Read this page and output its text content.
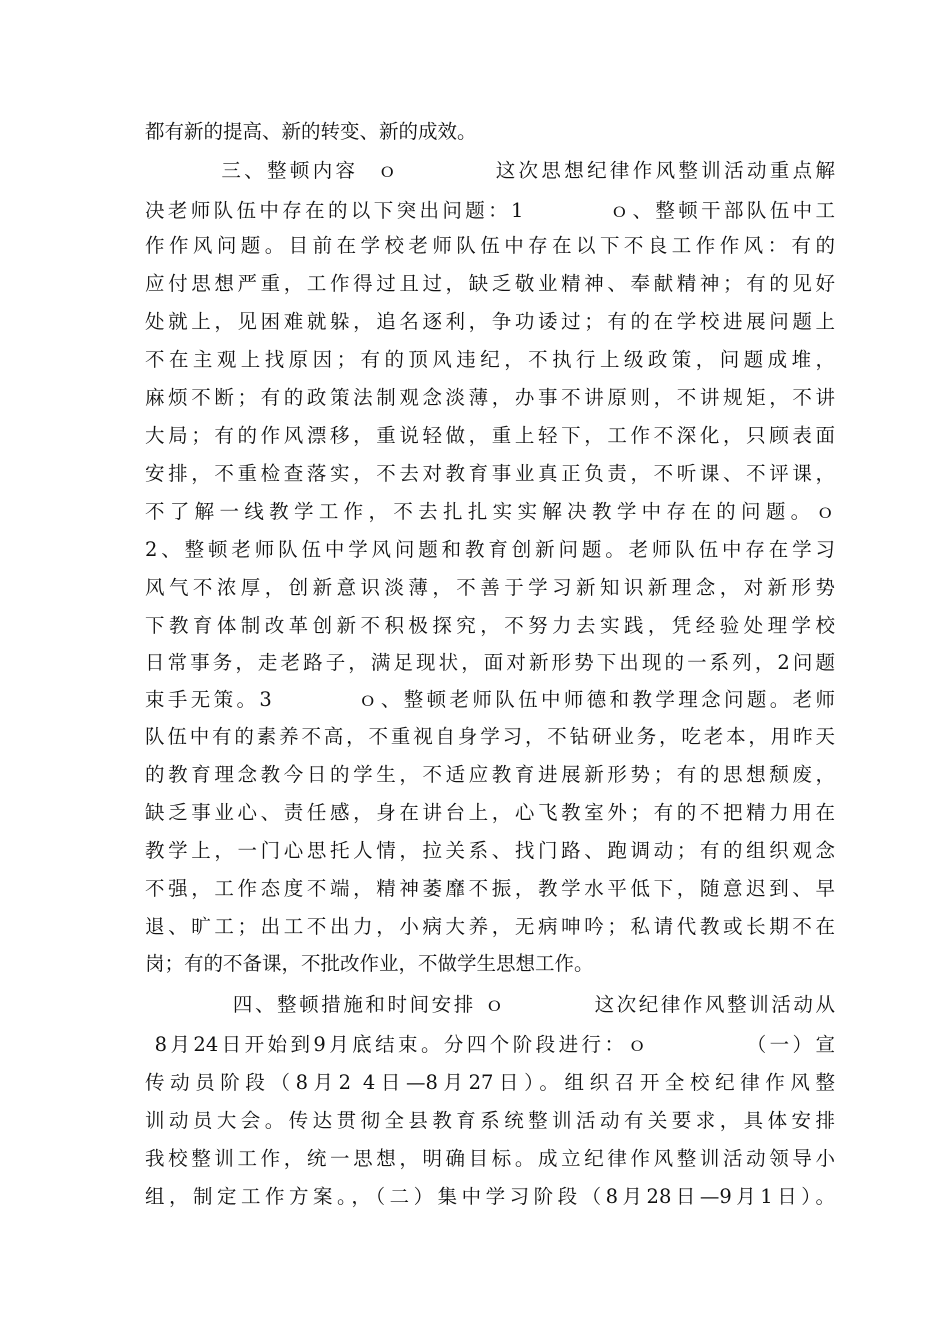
都有新的提高、新的转变、新的成效。
三、整顿内容  ｏ          这次思想纪律作风整训活动重点解
决老师队伍中存在的以下突出问题：1         ｏ、整顿干部队伍中工
作作风问题。目前在学校老师队伍中存在以下不良工作作风：有的
应付思想严重，工作得过且过，缺乏敬业精神、奉献精神；有的见好
处就上，见困难就躲，追名逐利，争功诿过；有的在学校进展问题上
不在主观上找原因；有的顶风违纪，不执行上级政策，问题成堆，
麻烦不断；有的政策法制观念淡薄，办事不讲原则，不讲规矩，不讲
大局；有的作风漂移，重说轻做，重上轻下，工作不深化，只顾表面
安排，不重检查落实，不去对教育事业真正负责，不听课、不评课，
不了解一线教学工作，不去扎扎实实解决教学中存在的问题。ｏ
2、整顿老师队伍中学风问题和教育创新问题。老师队伍中存在学习
风气不浓厚，创新意识淡薄，不善于学习新知识新理念，对新形势
下教育体制改革创新不积极探究，不努力去实践，凭经验处理学校
日常事务，走老路子，满足现状，面对新形势下出现的一系列，2问题
束手无策。3         ｏ、整顿老师队伍中师德和教学理念问题。老师
队伍中有的素养不高，不重视自身学习，不钻研业务，吃老本，用昨天
的教育理念教今日的学生，不适应教育进展新形势；有的思想颓废，
缺乏事业心、责任感，身在讲台上，心飞教室外；有的不把精力用在
教学上，一门心思托人情，拉关系、找门路、跑调动；有的组织观念
不强，工作态度不端，精神萎靡不振，教学水平低下，随意迟到、早
退、旷工；出工不出力，小病大养，无病呻吟；私请代教或长期不在
岗；有的不备课，不批改作业，不做学生思想工作。
四、整顿措施和时间安排 ｏ          这次纪律作风整训活动从
8月24日开始到9月底结束。分四个阶段进行：ｏ          （一）宣
传动员阶段（8月2 4日—8月27日）。组织召开全校纪律作风整
训动员大会。传达贯彻全县教育系统整训活动有关要求，具体安排
我校整训工作，统一思想，明确目标。成立纪律作风整训活动领导小
组，制定工作方案。，（二）集中学习阶段（8月28日—9月1日）。
